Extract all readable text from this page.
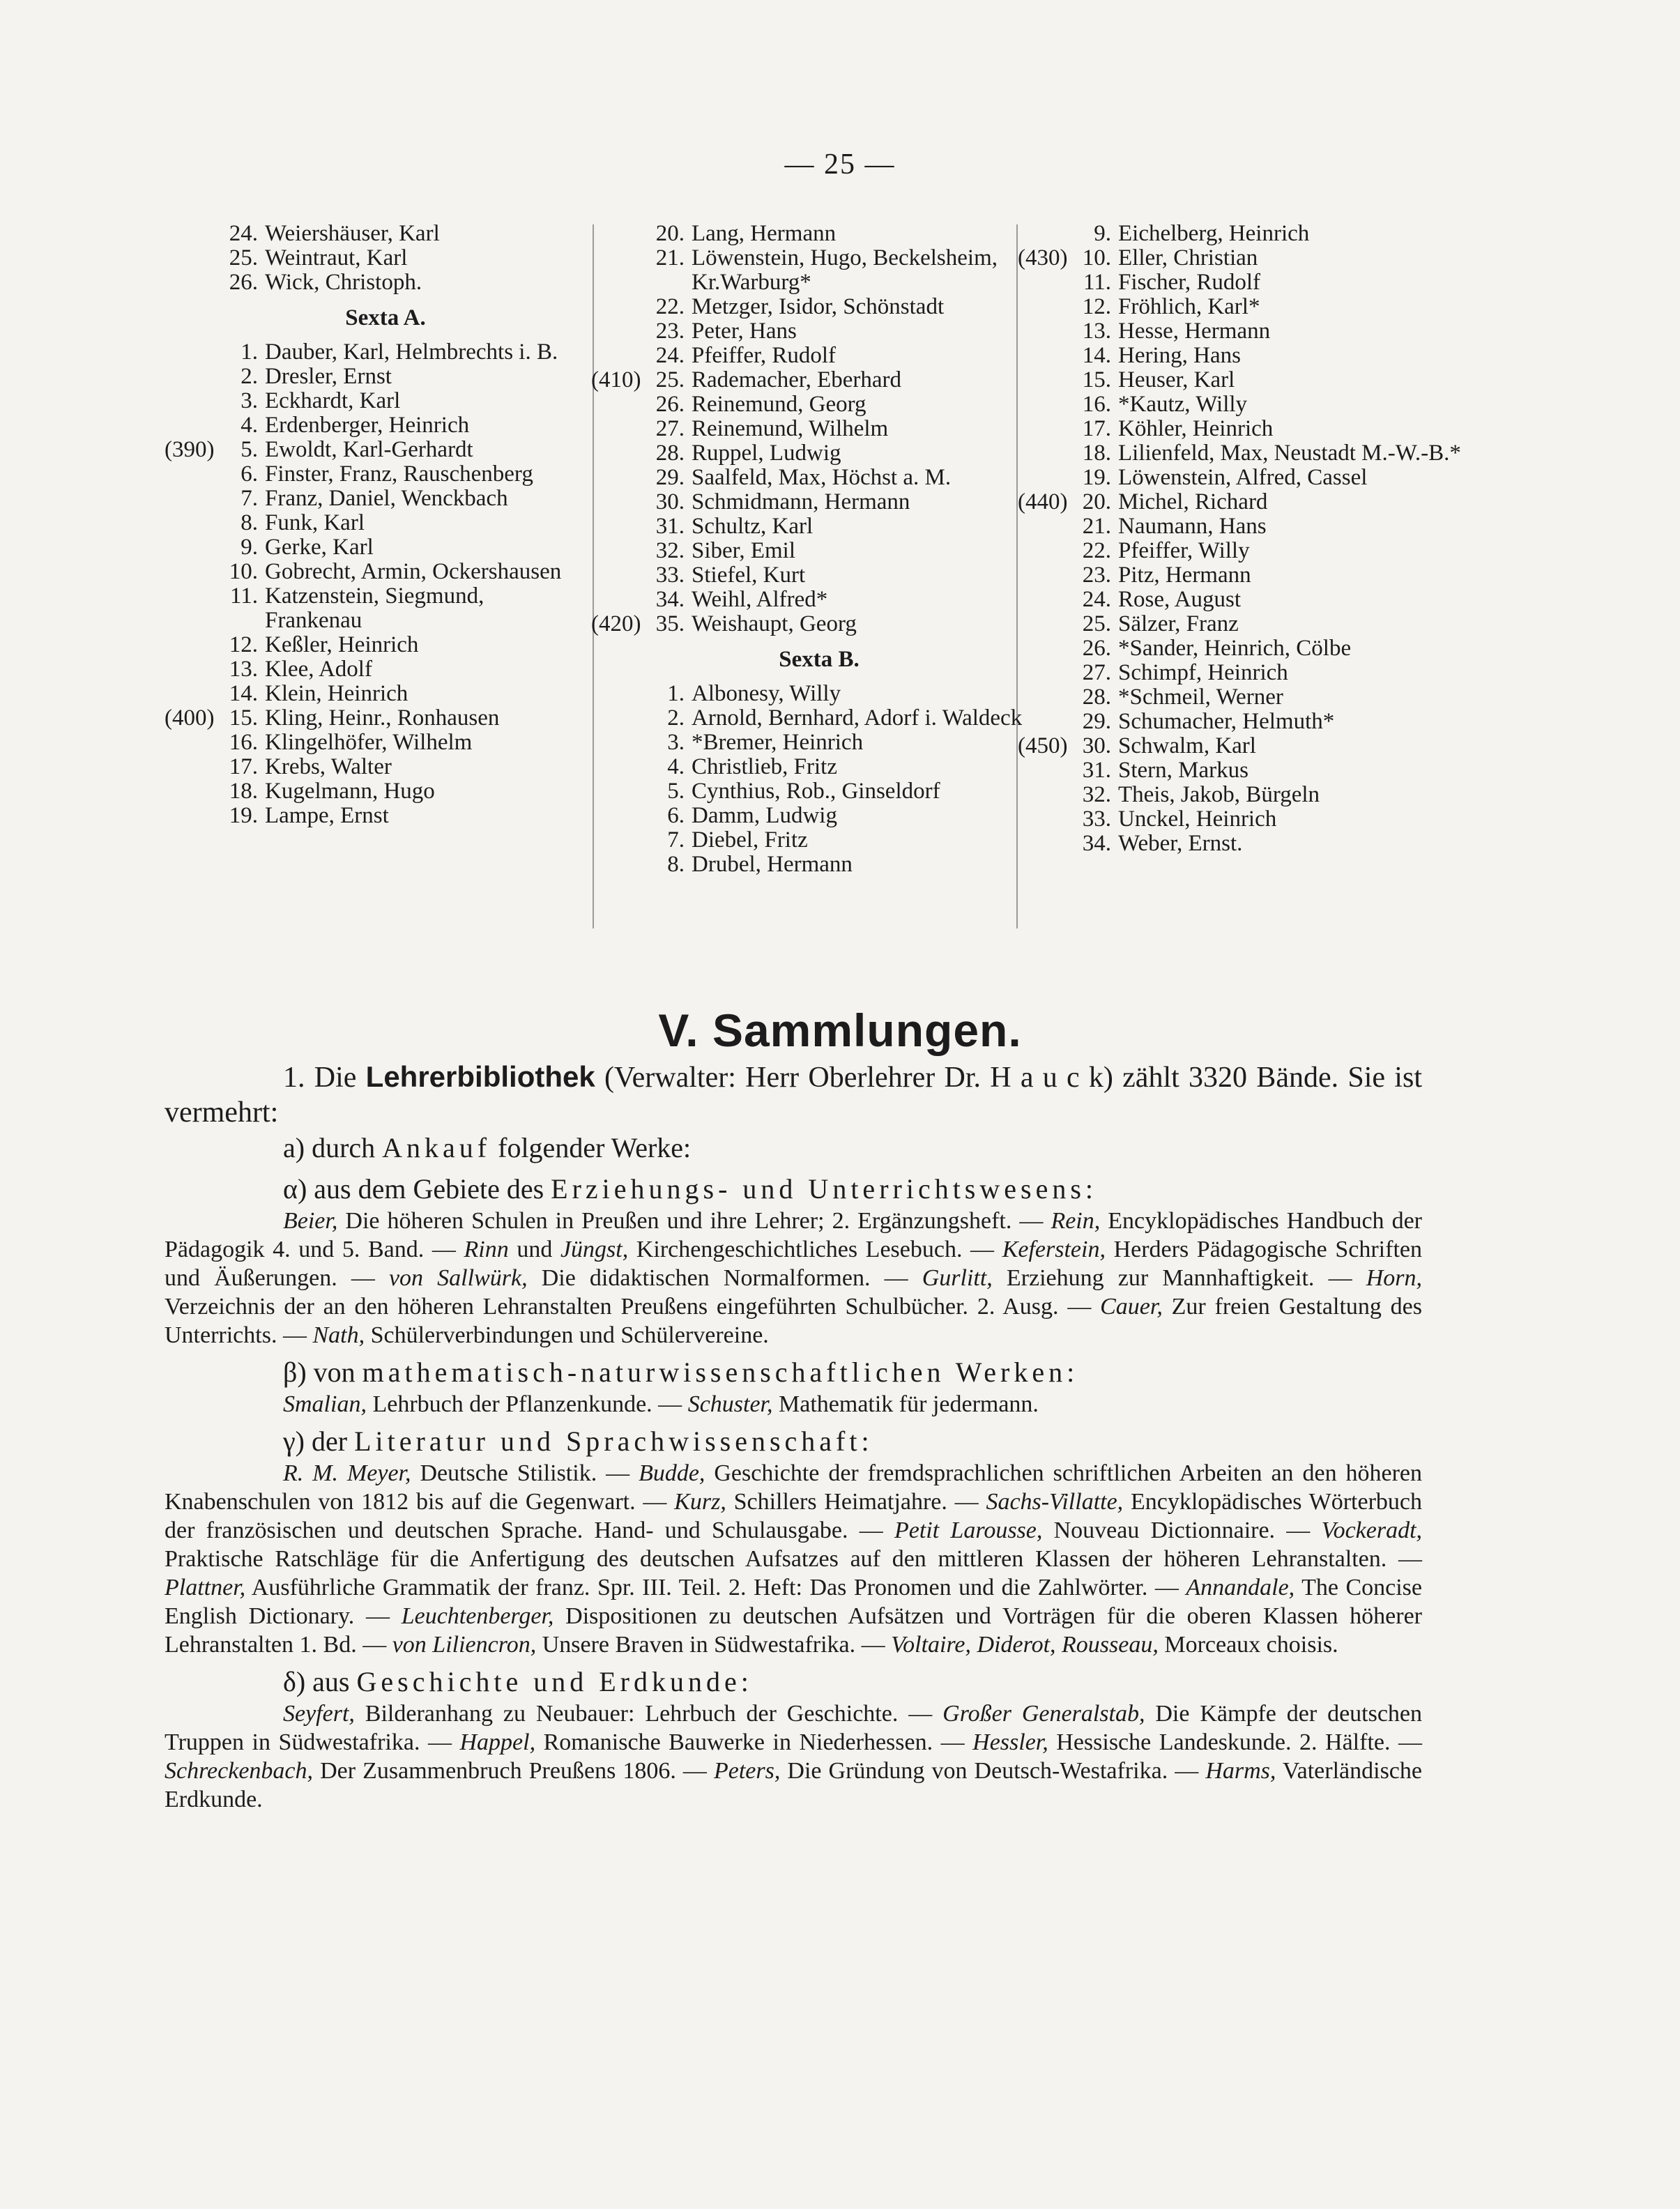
— 25 —
24. Weiershäuser, Karl
25. Weintraut, Karl
26. Wick, Christoph.
Sexta A.
1. Dauber, Karl, Helmbrechts i. B.
2. Dresler, Ernst
3. Eckhardt, Karl
4. Erdenberger, Heinrich
(390)	5. Ewoldt, Karl-Gerhardt
6. Finster, Franz, Rauschenberg
7. Franz, Daniel, Wenckbach
8. Funk, Karl
9. Gerke, Karl
10. Gobrecht, Armin, Ockershausen
11. Katzenstein, Siegmund, Frankenau
12. Keßler, Heinrich
13. Klee, Adolf
14. Klein, Heinrich
(400) 15. Kling, Heinr., Ronhausen
16. Klingelhöfer, Wilhelm
17. Krebs, Walter
18. Kugelmann, Hugo
19. Lampe, Ernst
20. Lang, Hermann
21. Löwenstein, Hugo, Beckelsheim, Kr.Warburg*
22. Metzger, Isidor, Schönstadt
23. Peter, Hans
24. Pfeiffer, Rudolf
(410) 25. Rademacher, Eberhard
26. Reinemund, Georg
27. Reinemund, Wilhelm
28. Ruppel, Ludwig
29. Saalfeld, Max, Höchst a. M.
30. Schmidmann, Hermann
31. Schultz, Karl
32. Siber, Emil
33. Stiefel, Kurt
34. Weihl, Alfred*
(420) 35. Weishaupt, Georg
Sexta B.
1. Albonesy, Willy
2. Arnold, Bernhard, Adorf i. Waldeck
3. *Bremer, Heinrich
4. Christlieb, Fritz
5. Cynthius, Rob., Ginseldorf
6. Damm, Ludwig
7. Diebel, Fritz
8. Drubel, Hermann
9. Eichelberg, Heinrich
(430) 10. Eller, Christian
11. Fischer, Rudolf
12. Fröhlich, Karl*
13. Hesse, Hermann
14. Hering, Hans
15. Heuser, Karl
16. *Kautz, Willy
17. Köhler, Heinrich
18. Lilienfeld, Max, Neustadt M.-W.-B.*
19. Löwenstein, Alfred, Cassel
(440) 20. Michel, Richard
21. Naumann, Hans
22. Pfeiffer, Willy
23. Pitz, Hermann
24. Rose, August
25. Sälzer, Franz
26. *Sander, Heinrich, Cölbe
27. Schimpf, Heinrich
28. *Schmeil, Werner
29. Schumacher, Helmuth*
(450) 30. Schwalm, Karl
31. Stern, Markus
32. Theis, Jakob, Bürgeln
33. Unckel, Heinrich
34. Weber, Ernst.
V. Sammlungen.

1. Die Lehrerbibliothek (Verwalter: Herr Oberlehrer Dr. H a u c k) zählt 3320 Bände. Sie ist vermehrt:

a) durch Ankauf folgender Werke:

α) aus dem Gebiete des Erziehungs- und Unterrichtswesens:

Beier, Die höheren Schulen in Preußen und ihre Lehrer; 2. Ergänzungsheft. — Rein, Encyklopädisches Handbuch der Pädagogik 4. und 5. Band. — Rinn und Jüngst, Kirchengeschichtliches Lesebuch. — Keferstein, Herders Pädagogische Schriften und Äußerungen. — von Sallwürk, Die didaktischen Normalformen. — Gurlitt, Erziehung zur Mannhaftigkeit. — Horn, Verzeichnis der an den höheren Lehranstalten Preußens eingeführten Schulbücher. 2. Ausg. — Cauer, Zur freien Gestaltung des Unterrichts. — Nath, Schülerverbindungen und Schülervereine.

β) von mathematisch-naturwissenschaftlichen Werken:

Smalian, Lehrbuch der Pflanzenkunde. — Schuster, Mathematik für jedermann.

γ) der Literatur und Sprachwissenschaft:

R. M. Meyer, Deutsche Stilistik. — Budde, Geschichte der fremdsprachlichen schriftlichen Arbeiten an den höheren Knabenschulen von 1812 bis auf die Gegenwart. — Kurz, Schillers Heimatjahre. — Sachs-Villatte, Encyklopädisches Wörterbuch der französischen und deutschen Sprache. Hand- und Schulausgabe. — Petit Larousse, Nouveau Dictionnaire. — Vockeradt, Praktische Ratschläge für die Anfertigung des deutschen Aufsatzes auf den mittleren Klassen der höheren Lehranstalten. — Plattner, Ausführliche Grammatik der franz. Spr. III. Teil. 2. Heft: Das Pronomen und die Zahlwörter. — Annandale, The Concise English Dictionary. — Leuchtenberger, Dispositionen zu deutschen Aufsätzen und Vorträgen für die oberen Klassen höherer Lehranstalten 1. Bd. — von Liliencron, Unsere Braven in Südwestafrika. — Voltaire, Diderot, Rousseau, Morceaux choisis.

δ) aus Geschichte und Erdkunde:

Seyfert, Bilderanhang zu Neubauer: Lehrbuch der Geschichte. — Großer Generalstab, Die Kämpfe der deutschen Truppen in Südwestafrika. — Happel, Romanische Bauwerke in Niederhessen. — Hessler, Hessische Landeskunde. 2. Hälfte. — Schreckenbach, Der Zusammenbruch Preußens 1806. — Peters, Die Gründung von Deutsch-Westafrika. — Harms, Vaterländische Erdkunde.
